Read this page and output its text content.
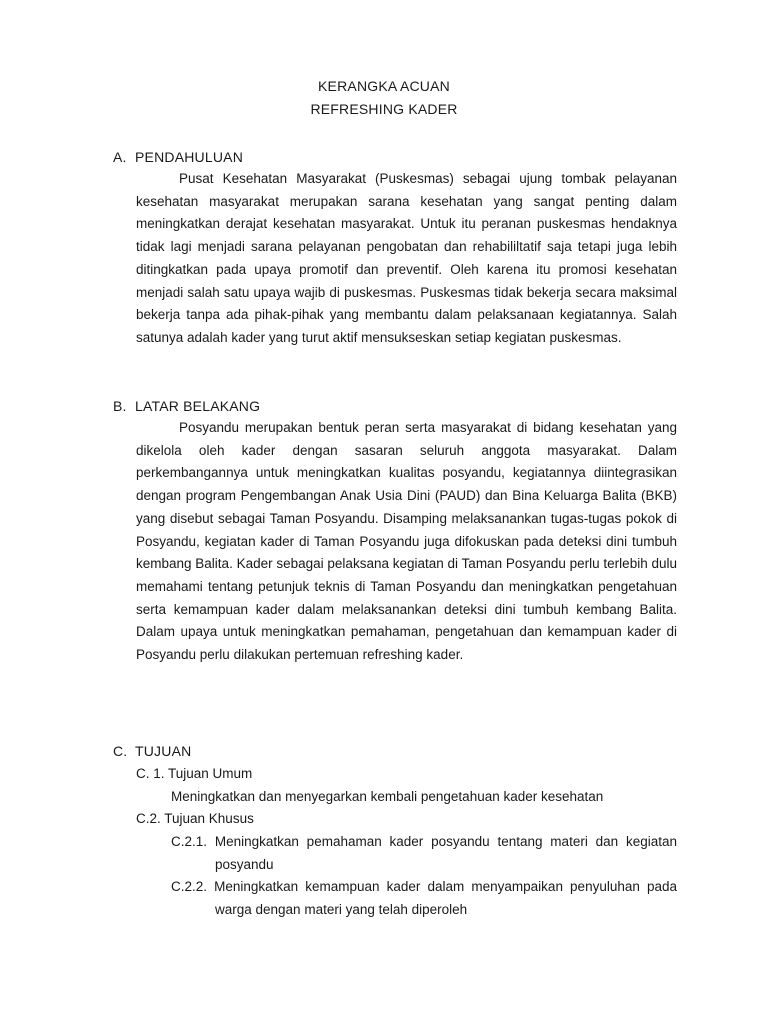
KERANGKA ACUAN
REFRESHING KADER
A. PENDAHULUAN

Pusat Kesehatan Masyarakat (Puskesmas) sebagai ujung tombak pelayanan kesehatan masyarakat merupakan sarana kesehatan yang sangat penting dalam meningkatkan derajat kesehatan masyarakat. Untuk itu peranan puskesmas hendaknya tidak lagi menjadi sarana pelayanan pengobatan dan rehabililtatif saja tetapi juga lebih ditingkatkan pada upaya promotif dan preventif. Oleh karena itu promosi kesehatan menjadi salah satu upaya wajib di puskesmas. Puskesmas tidak bekerja secara maksimal bekerja tanpa ada pihak-pihak yang membantu dalam pelaksanaan kegiatannya. Salah satunya adalah kader yang turut aktif mensukseskan setiap kegiatan puskesmas.

B. LATAR BELAKANG

Posyandu merupakan bentuk peran serta masyarakat di bidang kesehatan yang dikelola oleh kader dengan sasaran seluruh anggota masyarakat. Dalam perkembangannya untuk meningkatkan kualitas posyandu, kegiatannya diintegrasikan dengan program Pengembangan Anak Usia Dini (PAUD) dan Bina Keluarga Balita (BKB) yang disebut sebagai Taman Posyandu. Disamping melaksanankan tugas-tugas pokok di Posyandu, kegiatan kader di Taman Posyandu juga difokuskan pada deteksi dini tumbuh kembang Balita. Kader sebagai pelaksana kegiatan di Taman Posyandu perlu terlebih dulu memahami tentang petunjuk teknis di Taman Posyandu dan meningkatkan pengetahuan serta kemampuan kader dalam melaksanankan deteksi dini tumbuh kembang Balita. Dalam upaya untuk meningkatkan pemahaman, pengetahuan dan kemampuan kader di Posyandu perlu dilakukan pertemuan refreshing kader.

C. TUJUAN

C. 1. Tujuan Umum

Meningkatkan dan menyegarkan kembali pengetahuan kader kesehatan

C.2. Tujuan Khusus

C.2.1. Meningkatkan pemahaman kader posyandu tentang materi dan kegiatan posyandu

C.2.2. Meningkatkan kemampuan kader dalam menyampaikan penyuluhan pada warga dengan materi yang telah diperoleh
